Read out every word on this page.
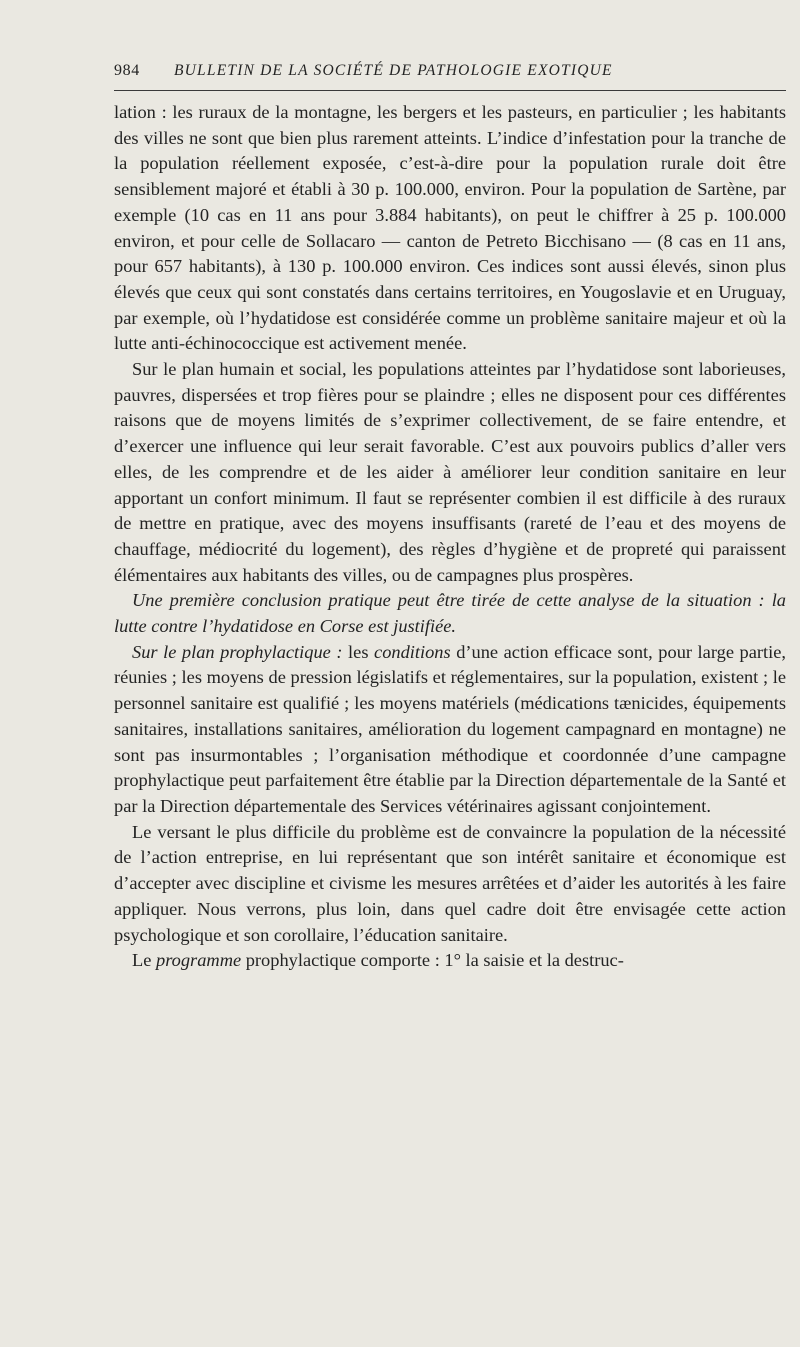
984	BULLETIN DE LA SOCIÉTÉ DE PATHOLOGIE EXOTIQUE

lation : les ruraux de la montagne, les bergers et les pasteurs, en particulier ; les habitants des villes ne sont que bien plus rarement atteints. L’indice d’infestation pour la tranche de la population réellement exposée, c’est-à-dire pour la population rurale doit être sensiblement majoré et établi à 30 p. 100.000, environ. Pour la population de Sartène, par exemple (10 cas en 11 ans pour 3.884 habitants), on peut le chiffrer à 25 p. 100.000 environ, et pour celle de Sollacaro — canton de Petreto Bicchisano — (8 cas en 11 ans, pour 657 habitants), à 130 p. 100.000 environ. Ces indices sont aussi élevés, sinon plus élevés que ceux qui sont constatés dans certains territoires, en Yougoslavie et en Uruguay, par exemple, où l’hydatidose est considérée comme un problème sanitaire majeur et où la lutte anti-échinococcique est activement menée.

Sur le plan humain et social, les populations atteintes par l’hydatidose sont laborieuses, pauvres, dispersées et trop fières pour se plaindre ; elles ne disposent pour ces différentes raisons que de moyens limités de s’exprimer collectivement, de se faire entendre, et d’exercer une influence qui leur serait favorable. C’est aux pouvoirs publics d’aller vers elles, de les comprendre et de les aider à améliorer leur condition sanitaire en leur apportant un confort minimum. Il faut se représenter combien il est difficile à des ruraux de mettre en pratique, avec des moyens insuffisants (rareté de l’eau et des moyens de chauffage, médiocrité du logement), des règles d’hygiène et de propreté qui paraissent élémentaires aux habitants des villes, ou de campagnes plus prospères.

Une première conclusion pratique peut être tirée de cette analyse de la situation : la lutte contre l’hydatidose en Corse est justifiée.

Sur le plan prophylactique : les conditions d’une action efficace sont, pour large partie, réunies ; les moyens de pression législatifs et réglementaires, sur la population, existent ; le personnel sanitaire est qualifié ; les moyens matériels (médications tænicides, équipements sanitaires, installations sanitaires, amélioration du logement campagnard en montagne) ne sont pas insurmontables ; l’organisation méthodique et coordonnée d’une campagne prophylactique peut parfaitement être établie par la Direction départementale de la Santé et par la Direction départementale des Services vétérinaires agissant conjointement.

Le versant le plus difficile du problème est de convaincre la population de la nécessité de l’action entreprise, en lui représentant que son intérêt sanitaire et économique est d’accepter avec discipline et civisme les mesures arrêtées et d’aider les autorités à les faire appliquer. Nous verrons, plus loin, dans quel cadre doit être envisagée cette action psychologique et son corollaire, l’éducation sanitaire.

Le programme prophylactique comporte : 1° la saisie et la destruc-
